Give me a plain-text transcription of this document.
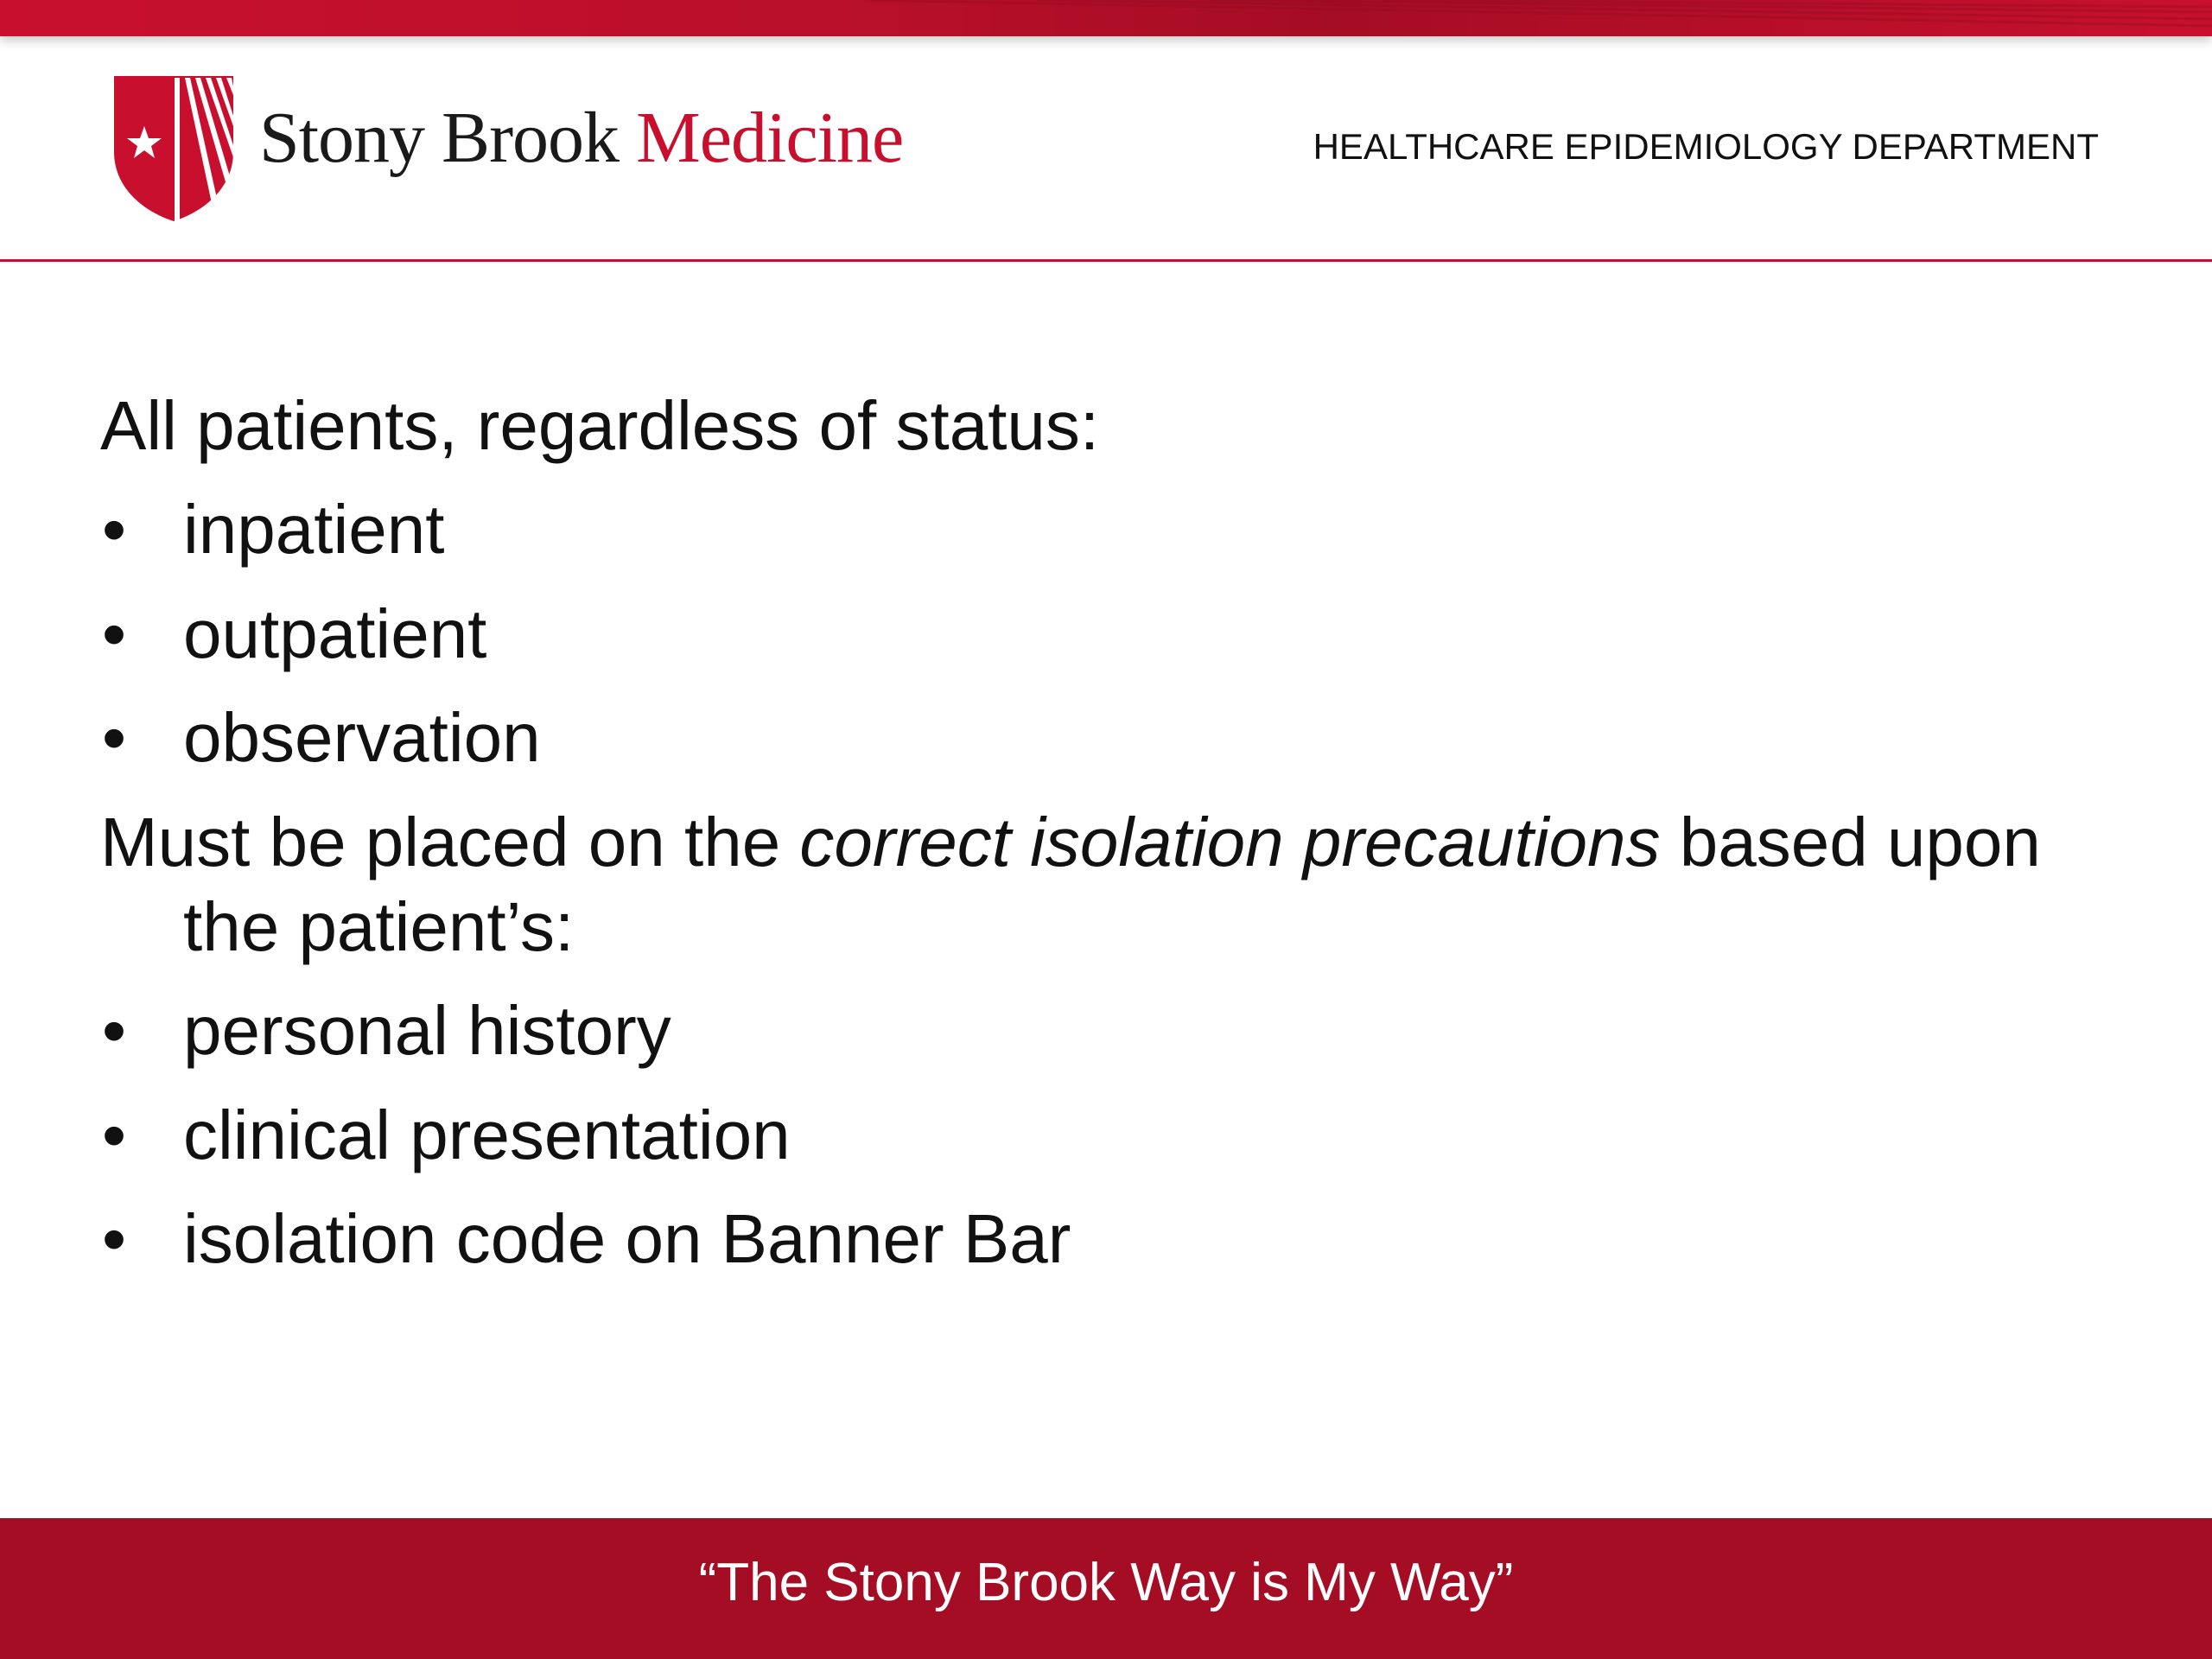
Stony Brook Medicine	HEALTHCARE EPIDEMIOLOGY DEPARTMENT

All patients, regardless of status:

• inpatient
• outpatient
• observation

Must be placed on the correct isolation precautions based upon the patient’s:

• personal history
• clinical presentation
• isolation code on Banner Bar
“The Stony Brook Way is My Way”
